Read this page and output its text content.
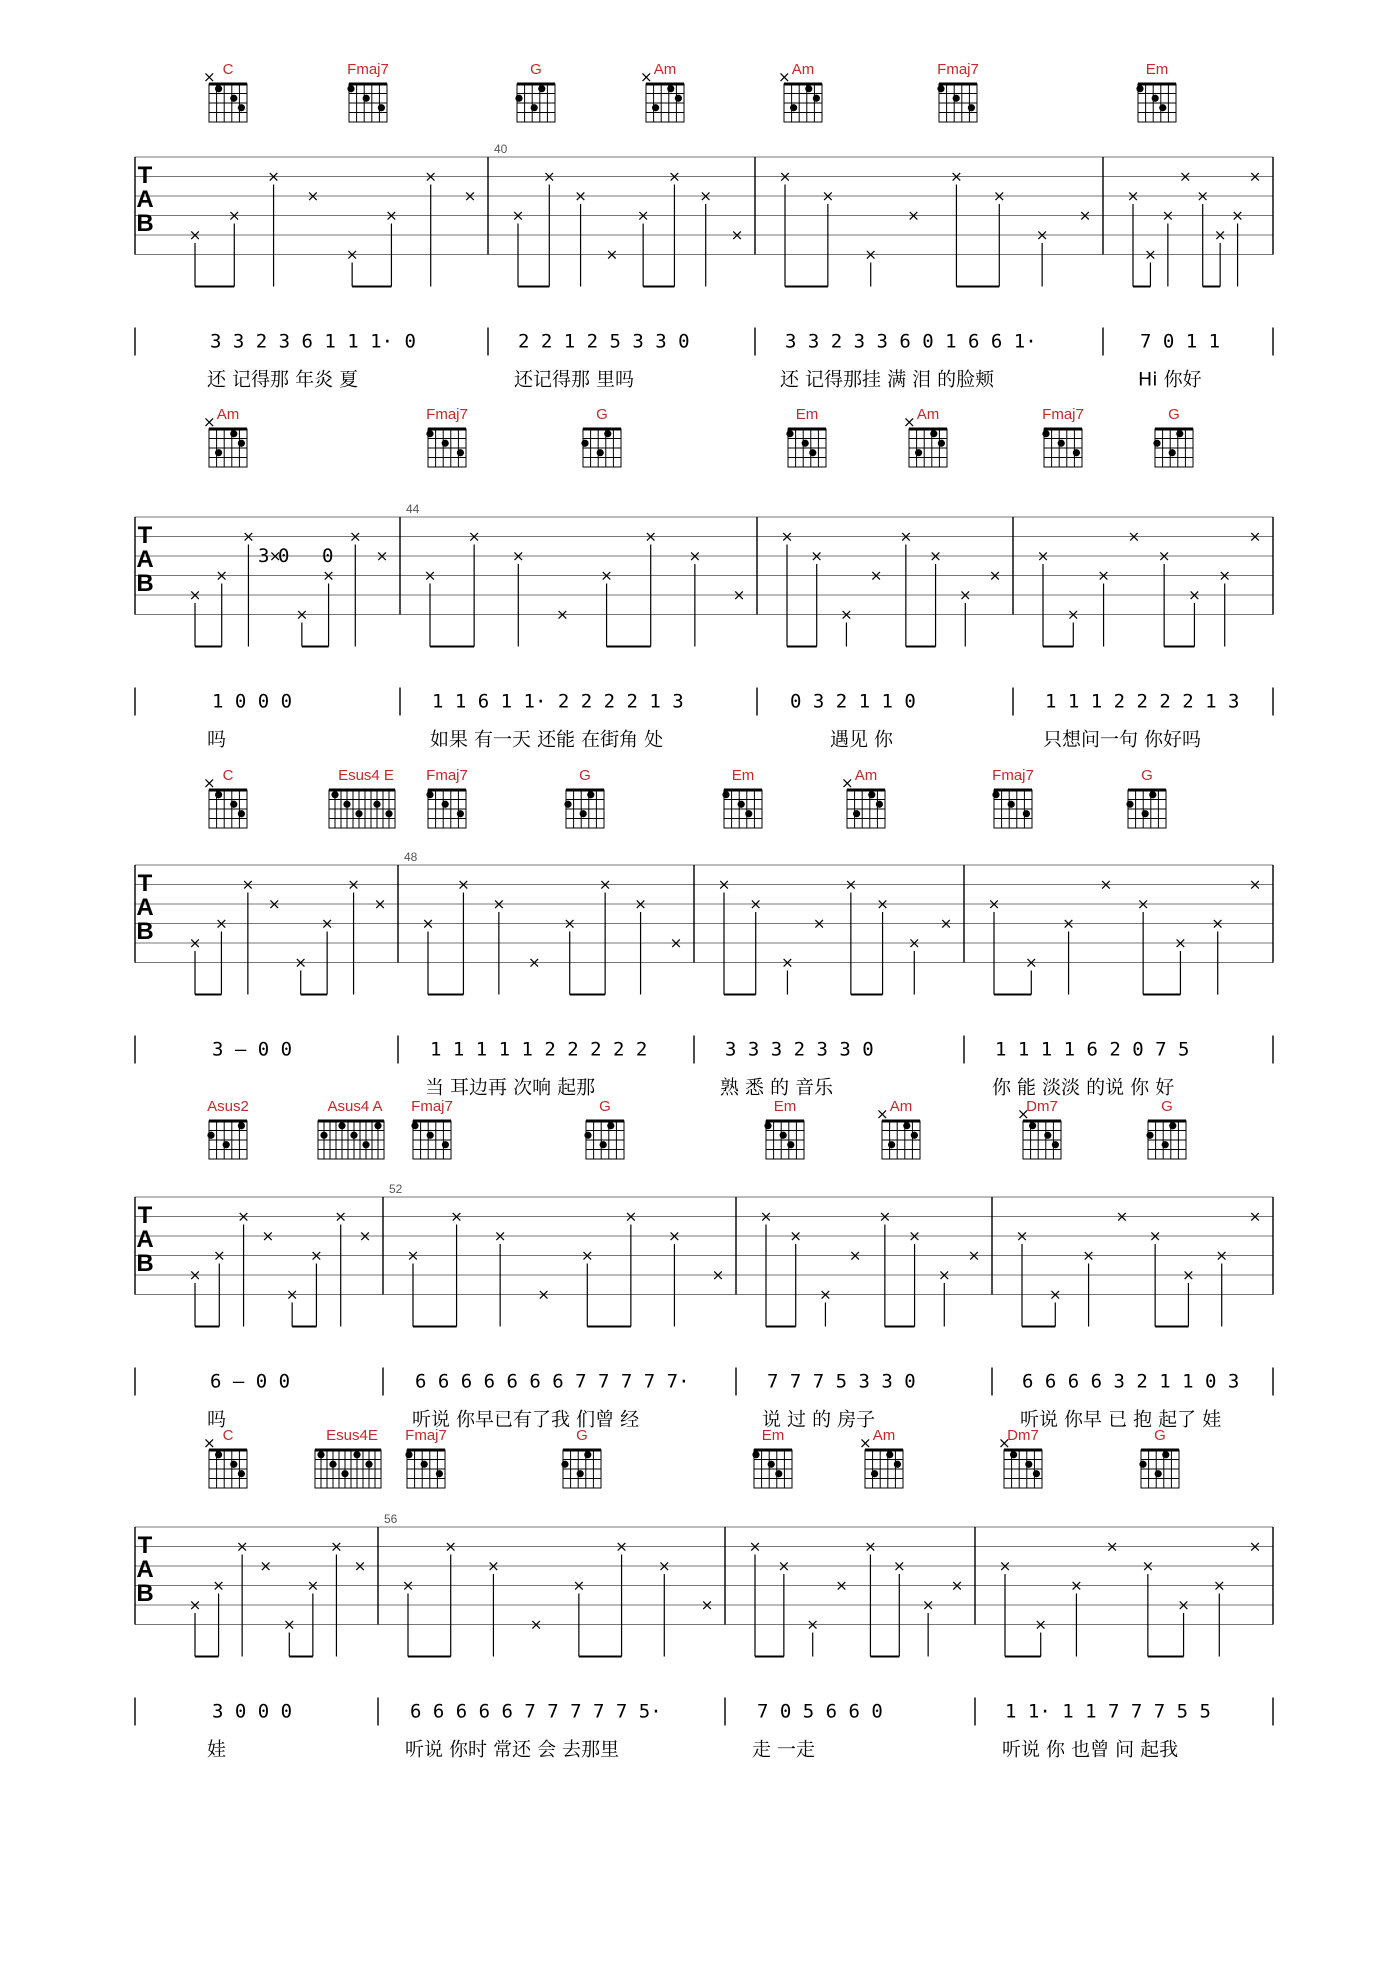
T
A
B
40
×
×
×
×
×
×
×
×
×
×
×
×
×
×
×
×
×
×
×
×
×
×
×
×
×
×
×
×
×
×
×
×
3 3 2 3 6 1 1 1· 0	2 2 1 2 5 3 3 0	3 3 2 3 3 6 0 1 6 6 1·	7 0 1 1
还 记得那 年炎 夏	还记得那 里吗	还 记得那挂 满 泪 的脸颊	Hi 你好
C
×	Fmaj7	G	Am
×	Am
×	Fmaj7	Em
T
A
B
44
×
×
×
×
×
×
×
×
×
×
×
×
×
×
×
×
×
×
×
×
×
×
×
×
×
×
×
×
×
×
×
×
3 0 0
1 0 0 0	1 1 6 1 1· 2 2 2 2 1 3	0 3 2 1 1 0	1 1 1 2 2 2 2 1 3
吗	如果 有一天 还能 在街角 处	遇见 你	只想问一句 你好吗
Am
×	Fmaj7	G	Em	Am
×	Fmaj7	G
T
A
B
48
×
×
×
×
×
×
×
×
×
×
×
×
×
×
×
×
×
×
×
×
×
×
×
×
×
×
×
×
×
×
×
×
3 – 0 0	1 1 1 1 1 2 2 2 2 2	3 3 3 2 3 3 0	1 1 1 1 6 2 0 7 5
当 耳边再 次响 起那	熟 悉 的 音乐	你 能 淡淡 的说 你 好
C
×	Esus4 E Fmaj7	G	Em	Am
×	Fmaj7	G
T
A
B
52
×
×
×
×
×
×
×
×
×
×
×
×
×
×
×
×
×
×
×
×
×
×
×
×
×
×
×
×
×
×
×
×
6 – 0 0	6 6 6 6 6 6 6 7 7 7 7 7·	7 7 7 5 3 3 0	6 6 6 6 3 2 1 1 0 3
吗	听说 你早已有了我 们曾 经	说 过 的 房子	听说 你早 已 抱 起了 娃
Asus2	Asus4 A Fmaj7	G	Em	Am
×	Dm7
×	G
T
A
B
56
×
×
×
×
×
×
×
×
×
×
×
×
×
×
×
×
×
×
×
×
×
×
×
×
×
×
×
×
×
×
×
×
3 0 0 0	6 6 6 6 6 7 7 7 7 7 5·	7 0 5 6 6 0	1 1· 1 1 7 7 7 5 5
娃	听说 你时 常还 会 去那里	走 一走	听说 你 也曾 问 起我
C
×	Esus4E Fmaj7	G	Em	Am
×	Dm7
×	G
